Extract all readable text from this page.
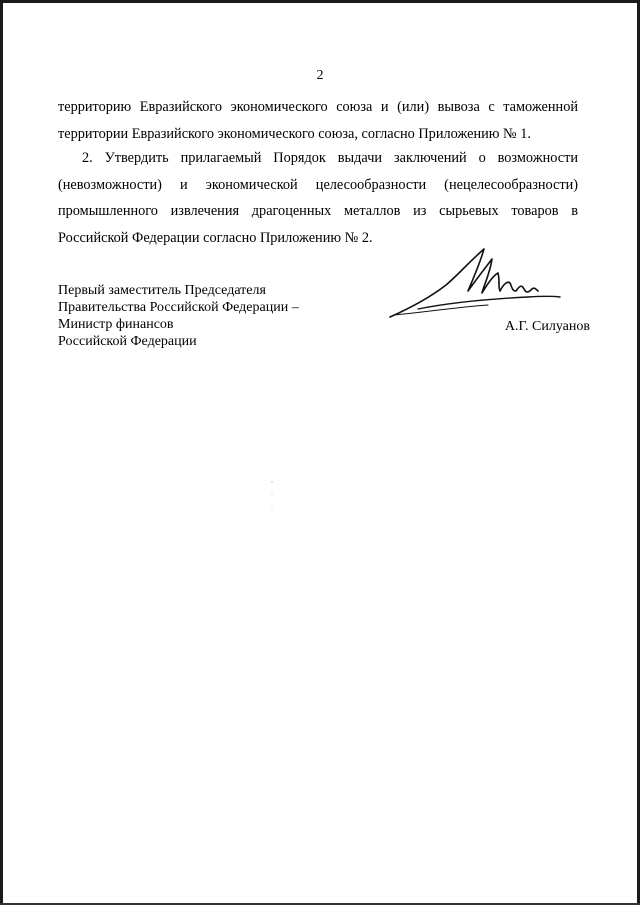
2
территорию Евразийского экономического союза и (или) вывоза с таможенной
территории Евразийского экономического союза, согласно Приложению № 1.
2. Утвердить прилагаемый Порядок выдачи заключений о возможности
(невозможности) и экономической целесообразности (нецелесообразности)
промышленного извлечения драгоценных металлов из сырьевых товаров в
Российской Федерации согласно Приложению № 2.
Первый заместитель Председателя
Правительства Российской Федерации –
Министр финансов
Российской Федерации
А.Г. Силуанов
